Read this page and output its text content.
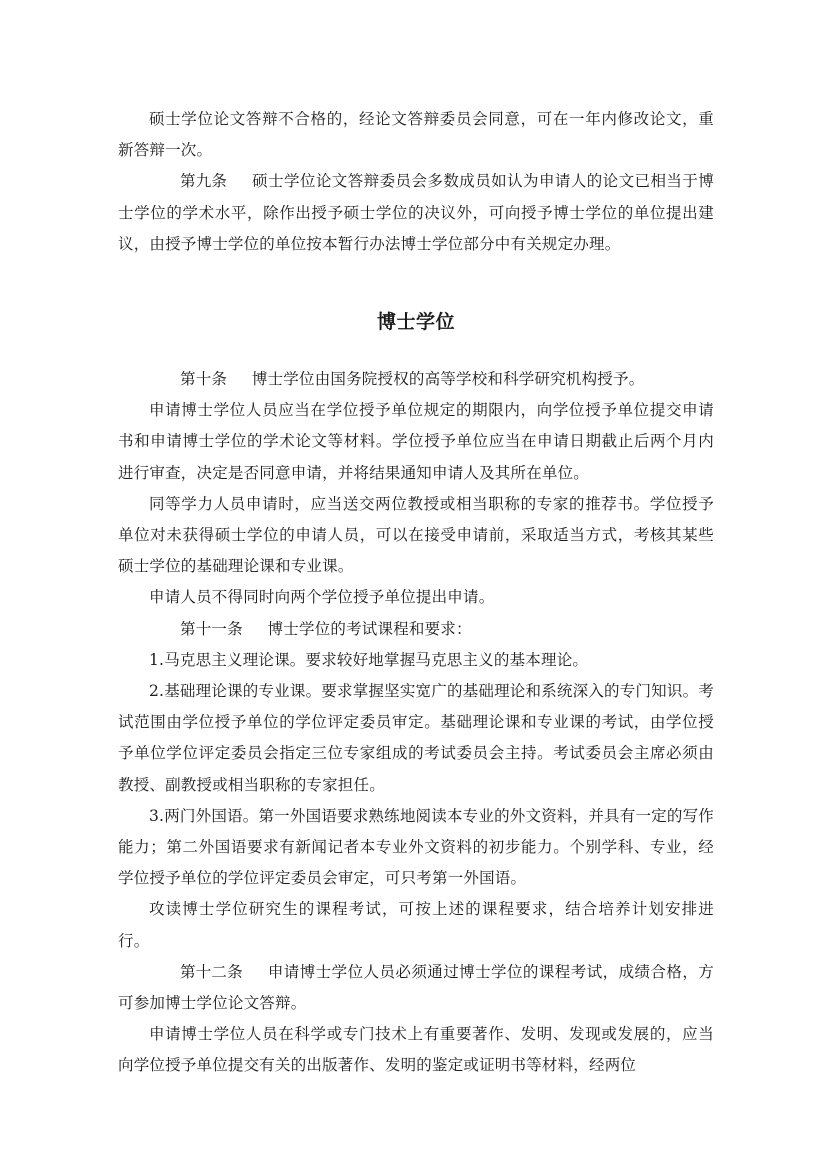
硕士学位论文答辩不合格的，经论文答辩委员会同意，可在一年内修改论文，重新答辩一次。

第九条 硕士学位论文答辩委员会多数成员如认为申请人的论文已相当于博士学位的学术水平，除作出授予硕士学位的决议外，可向授予博士学位的单位提出建议，由授予博士学位的单位按本暂行办法博士学位部分中有关规定办理。

博士学位

第十条 博士学位由国务院授权的高等学校和科学研究机构授予。

申请博士学位人员应当在学位授予单位规定的期限内，向学位授予单位提交申请书和申请博士学位的学术论文等材料。学位授予单位应当在申请日期截止后两个月内进行审查，决定是否同意申请，并将结果通知申请人及其所在单位。

同等学力人员申请时，应当送交两位教授或相当职称的专家的推荐书。学位授予单位对未获得硕士学位的申请人员，可以在接受申请前，采取适当方式，考核其某些硕士学位的基础理论课和专业课。

申请人员不得同时向两个学位授予单位提出申请。

第十一条 博士学位的考试课程和要求：

1.马克思主义理论课。要求较好地掌握马克思主义的基本理论。

2.基础理论课的专业课。要求掌握坚实宽广的基础理论和系统深入的专门知识。考试范围由学位授予单位的学位评定委员审定。基础理论课和专业课的考试，由学位授予单位学位评定委员会指定三位专家组成的考试委员会主持。考试委员会主席必须由教授、副教授或相当职称的专家担任。

3.两门外国语。第一外国语要求熟练地阅读本专业的外文资料，并具有一定的写作能力；第二外国语要求有新闻记者本专业外文资料的初步能力。个别学科、专业，经学位授予单位的学位评定委员会审定，可只考第一外国语。

攻读博士学位研究生的课程考试，可按上述的课程要求，结合培养计划安排进行。

第十二条 申请博士学位人员必须通过博士学位的课程考试，成绩合格，方可参加博士学位论文答辩。

申请博士学位人员在科学或专门技术上有重要著作、发明、发现或发展的，应当向学位授予单位提交有关的出版著作、发明的鉴定或证明书等材料，经两位
